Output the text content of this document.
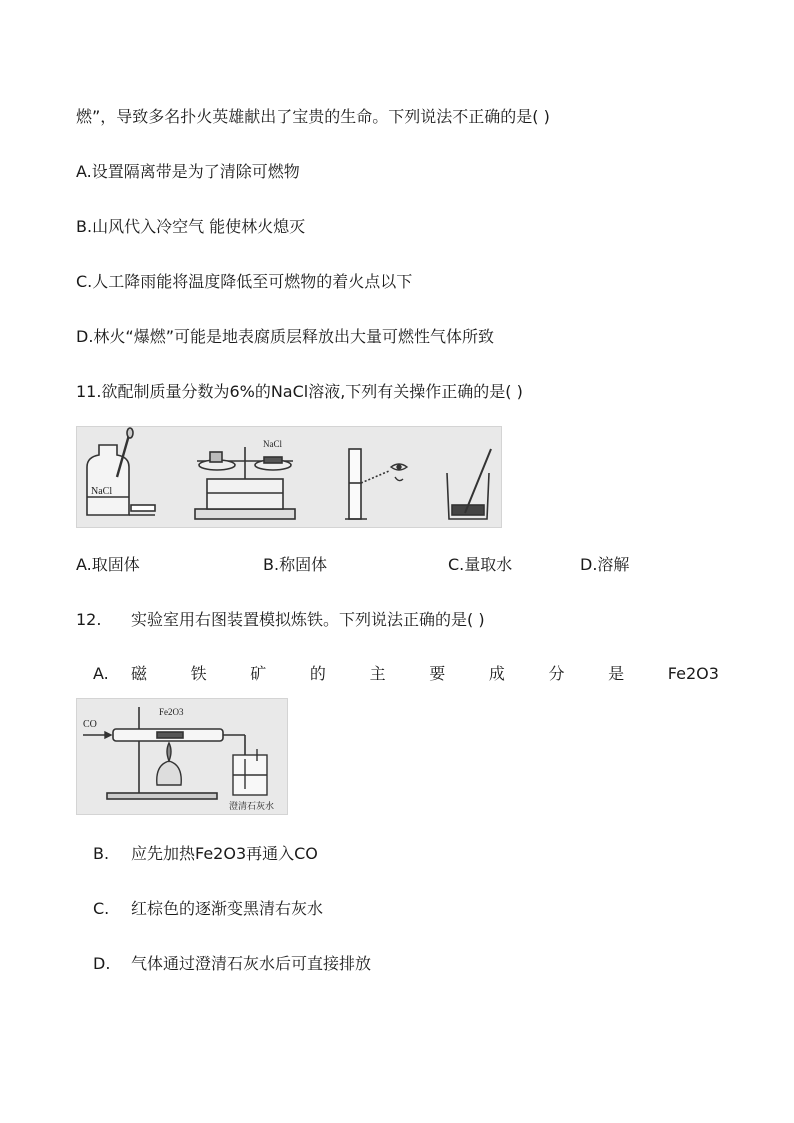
燃”，导致多名扑火英雄献出了宝贵的生命。下列说法不正确的是( )
A.设置隔离带是为了清除可燃物
B.山风代入冷空气 能使林火熄灭
C.人工降雨能将温度降低至可燃物的着火点以下
D.林火“爆燃”可能是地表腐质层释放出大量可燃性气体所致
11.欲配制质量分数为6%的NaCl溶液,下列有关操作正确的是( )
NaCl
NaCl
A.取固体	B.称固体	C.量取水	D.溶解
12. 实验室用右图装置模拟炼铁。下列说法正确的是( )
A. 磁	铁	矿	的	主	要	成	分	是	Fe2O3
CO
Fe2O3
澄清石灰水
B. 应先加热Fe2O3再通入CO
C. 红棕色的逐渐变黑清右灰水
D. 气体通过澄清石灰水后可直接排放
